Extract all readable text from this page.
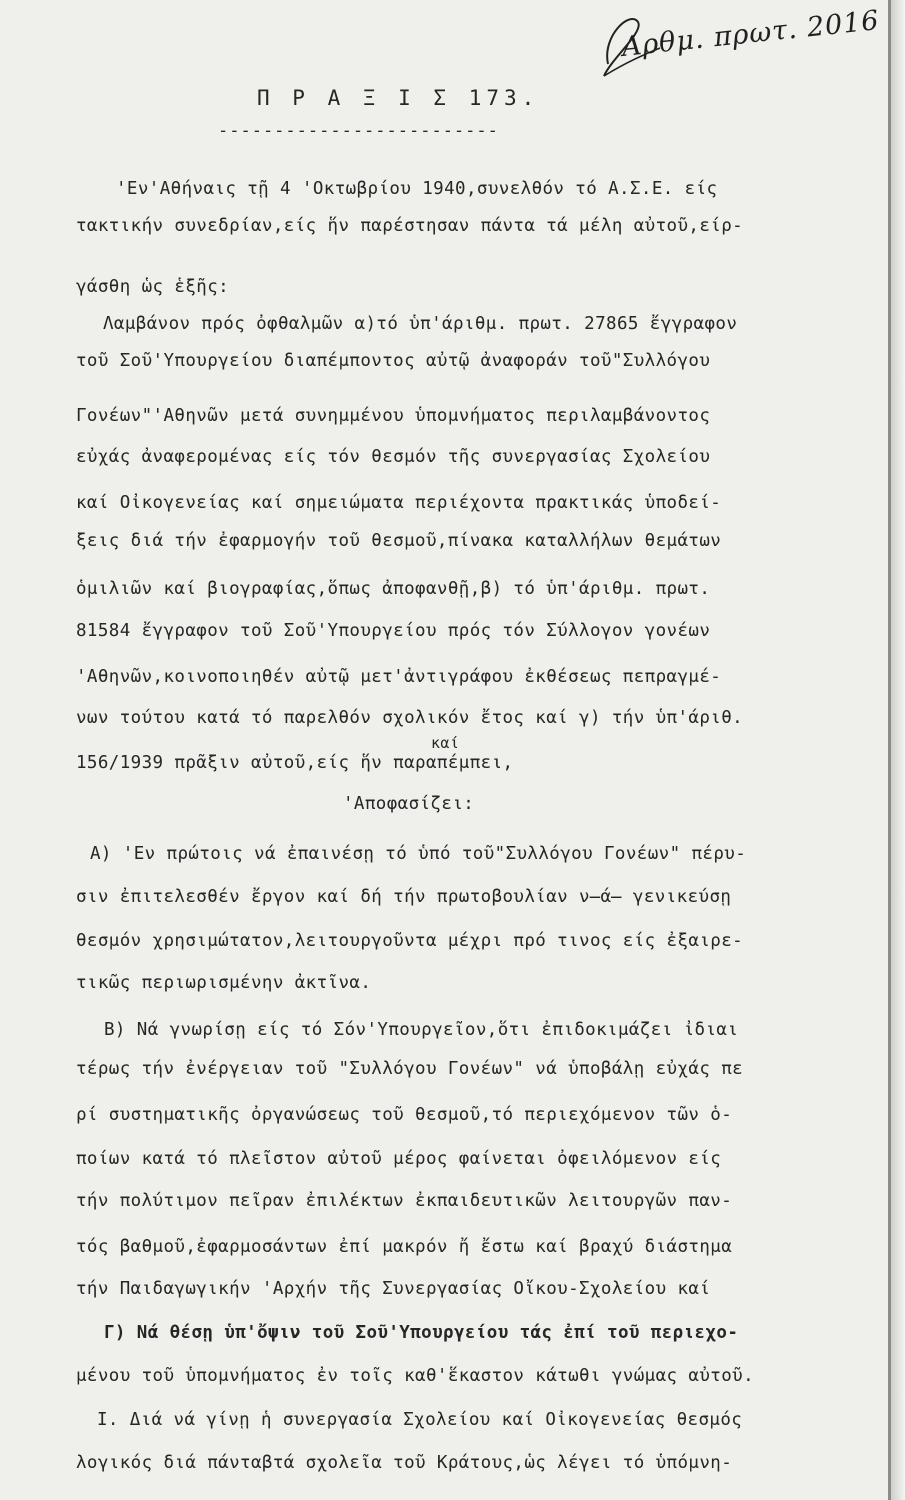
Αρθμ. πρωτ. 2016
Π Ρ Α Ξ Ι Σ 173.
-------------------------
'Εν'Αθήναις τῇ 4 'Οκτωβρίου 1940,συνελθόν τό Α.Σ.Ε. είς
τακτικήν συνεδρίαν,είς ἥν παρέστησαν πάντα τά μέλη αὐτοῦ,είρ-
γάσθη ὡς ἑξῆς:
Λαμβάνον πρός ὀφθαλμῶν α)τό ὑπ'άριθμ. πρωτ. 27865 ἔγγραφον
τοῦ Σοῦ'Υπουργείου διαπέμποντος αὐτῷ ἀναφοράν τοῦ"Συλλόγου
Γονέων"'Αθηνῶν μετά συνημμένου ὑπομνήματος περιλαμβάνοντος
εὐχάς ἀναφερομένας είς τόν θεσμόν τῆς συνεργασίας Σχολείου
καί Οἰκογενείας καί σημειώματα περιέχοντα πρακτικάς ὑποδεί-
ξεις διά τήν ἐφαρμογήν τοῦ θεσμοῦ,πίνακα καταλλήλων θεμάτων
ὁμιλιῶν καί βιογραφίας,ὅπως ἀποφανθῇ,β) τό ὑπ'άριθμ. πρωτ.
81584 ἔγγραφον τοῦ Σοῦ'Υπουργείου πρός τόν Σύλλογον γονέων
'Αθηνῶν,κοινοποιηθέν αὐτῷ μετ'ἀντιγράφου ἐκθέσεως πεπραγμέ-
νων τούτου κατά τό παρελθόν σχολικόν ἔτος καί γ) τήν ὑπ'άριθ.
καί
156/1939 πρᾶξιν αὐτοῦ,είς ἥν παραπέμπει,
'Αποφασίζει:
Α) 'Εν πρώτοις νά ἐπαινέσῃ τό ὑπό τοῦ"Συλλόγου Γονέων" πέρυ-
σιν ἐπιτελεσθέν ἔργον καί δή τήν πρωτοβουλίαν ν̶ά̶ γενικεύσῃ
θεσμόν χρησιμώτατον,λειτουργοῦντα μέχρι πρό τινος είς ἐξαιρε-
τικῶς περιωρισμένην ἀκτῖνα.
Β) Νά γνωρίσῃ είς τό Σόν'Υπουργεῖον,ὅτι ἐπιδοκιμάζει ἰδιαι
τέρως τήν ἐνέργειαν τοῦ "Συλλόγου Γονέων" νά ὑποβάλῃ εὐχάς πε
ρί συστηματικῆς ὀργανώσεως τοῦ θεσμοῦ,τό περιεχόμενον τῶν ὁ-
ποίων κατά τό πλεῖστον αὐτοῦ μέρος φαίνεται ὀφειλόμενον είς
τήν πολύτιμον πεῖραν ἐπιλέκτων ἐκπαιδευτικῶν λειτουργῶν παν-
τός βαθμοῦ,ἐφαρμοσάντων ἐπί μακρόν ἤ ἔστω καί βραχύ διάστημα
τήν Παιδαγωγικήν 'Αρχήν τῆς Συνεργασίας Οἴκου-Σχολείου καί
Γ) Νά θέσῃ ὑπ'ὄψιν τοῦ Σοῦ'Υπουργείου τάς ἐπί τοῦ περιεχο-
μένου τοῦ ὑπομνήματος ἐν τοῖς καθ'ἕκαστον κάτωθι γνώμας αὐτοῦ.
Ι. Διά νά γίνῃ ἡ συνεργασία Σχολείου καί Οἰκογενείας θεσμός
λογικός διά πάνταβτά σχολεῖα τοῦ Κράτους,ὡς λέγει τό ὑπόμνη-
